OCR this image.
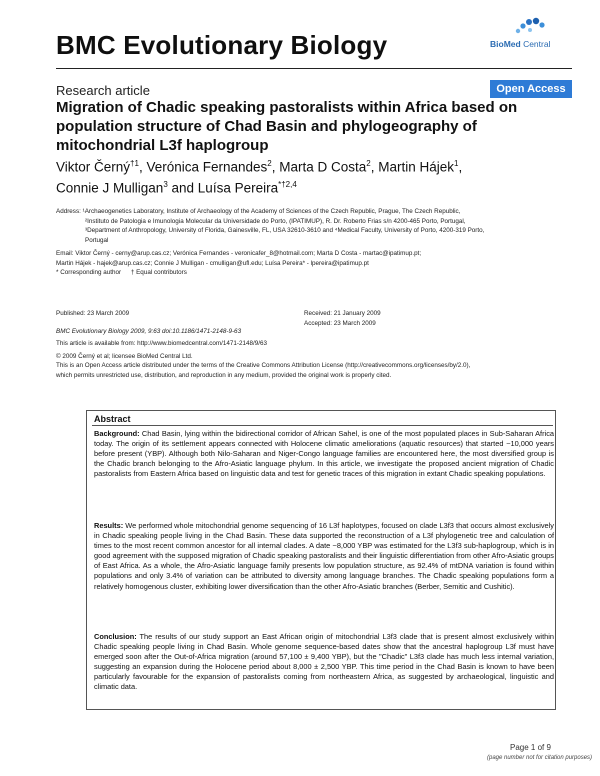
BMC Evolutionary Biology	BioMed Central
Research article	Open Access
Migration of Chadic speaking pastoralists within Africa based on population structure of Chad Basin and phylogeography of mitochondrial L3f haplogroup
Viktor Černý$^{\dagger 1}$, Verónica Fernandes$^2$, Marta D Costa$^2$, Martin Hájek$^1$,
Connie J Mulligan$^3$ and Luísa Pereira$^{*\dagger 2,4}$
Address: ¹Archaeogenetics Laboratory, Institute of Archaeology of the Academy of Sciences of the Czech Republic, Prague, The Czech Republic,
²Instituto de Patologia e Imunologia Molecular da Universidade do Porto, (IPATIMUP), R. Dr. Roberto Frias s/n 4200-465 Porto, Portugal,
³Department of Anthropology, University of Florida, Gainesville, FL, USA 32610-3610 and ⁴Medical Faculty, University of Porto, 4200-319 Porto,
Portugal
Email: Viktor Černý - cerny@arup.cas.cz; Verónica Fernandes - veronicafer_8@hotmail.com; Marta D Costa - martac@ipatimup.pt;
Martin Hájek - hajek@arup.cas.cz; Connie J Mulligan - cmulligan@ufl.edu; Luísa Pereira* - lpereira@ipatimup.pt
* Corresponding author † Equal contributors
Published: 23 March 2009
BMC Evolutionary Biology 2009, 9:63 doi:10.1186/1471-2148-9-63
This article is available from: http://www.biomedcentral.com/1471-2148/9/63
© 2009 Černý et al; licensee BioMed Central Ltd.
This is an Open Access article distributed under the terms of the Creative Commons Attribution License (http://creativecommons.org/licenses/by/2.0),
which permits unrestricted use, distribution, and reproduction in any medium, provided the original work is properly cited.
Received: 21 January 2009
Accepted: 23 March 2009
Abstract
Background: Chad Basin, lying within the bidirectional corridor of African Sahel, is one of the most populated places in Sub-Saharan Africa today. The origin of its settlement appears connected with Holocene climatic ameliorations (aquatic resources) that started ~10,000 years before present (YBP). Although both Nilo-Saharan and Niger-Congo language families are encountered here, the most diversified group is the Chadic branch belonging to the Afro-Asiatic language phylum. In this article, we investigate the proposed ancient migration of Chadic pastoralists from Eastern Africa based on linguistic data and test for genetic traces of this migration in extant Chadic speaking populations.
Results: We performed whole mitochondrial genome sequencing of 16 L3f haplotypes, focused on clade L3f3 that occurs almost exclusively in Chadic speaking people living in the Chad Basin. These data supported the reconstruction of a L3f phylogenetic tree and calculation of times to the most recent common ancestor for all internal clades. A date ~8,000 YBP was estimated for the L3f3 sub-haplogroup, which is in good agreement with the supposed migration of Chadic speaking pastoralists and their linguistic differentiation from other Afro-Asiatic groups of East Africa. As a whole, the Afro-Asiatic language family presents low population structure, as 92.4% of mtDNA variation is found within populations and only 3.4% of variation can be attributed to diversity among language branches. The Chadic speaking populations form a relatively homogenous cluster, exhibiting lower diversification than the other Afro-Asiatic branches (Berber, Semitic and Cushitic).
Conclusion: The results of our study support an East African origin of mitochondrial L3f3 clade that is present almost exclusively within Chadic speaking people living in Chad Basin. Whole genome sequence-based dates show that the ancestral haplogroup L3f must have emerged soon after the Out-of-Africa migration (around 57,100 ± 9,400 YBP), but the "Chadic" L3f3 clade has much less internal variation, suggesting an expansion during the Holocene period about 8,000 ± 2,500 YBP. This time period in the Chad Basin is known to have been particularly favourable for the expansion of pastoralists coming from northeastern Africa, as suggested by archaeological, linguistic and climatic data.
Page 1 of 9
(page number not for citation purposes)
